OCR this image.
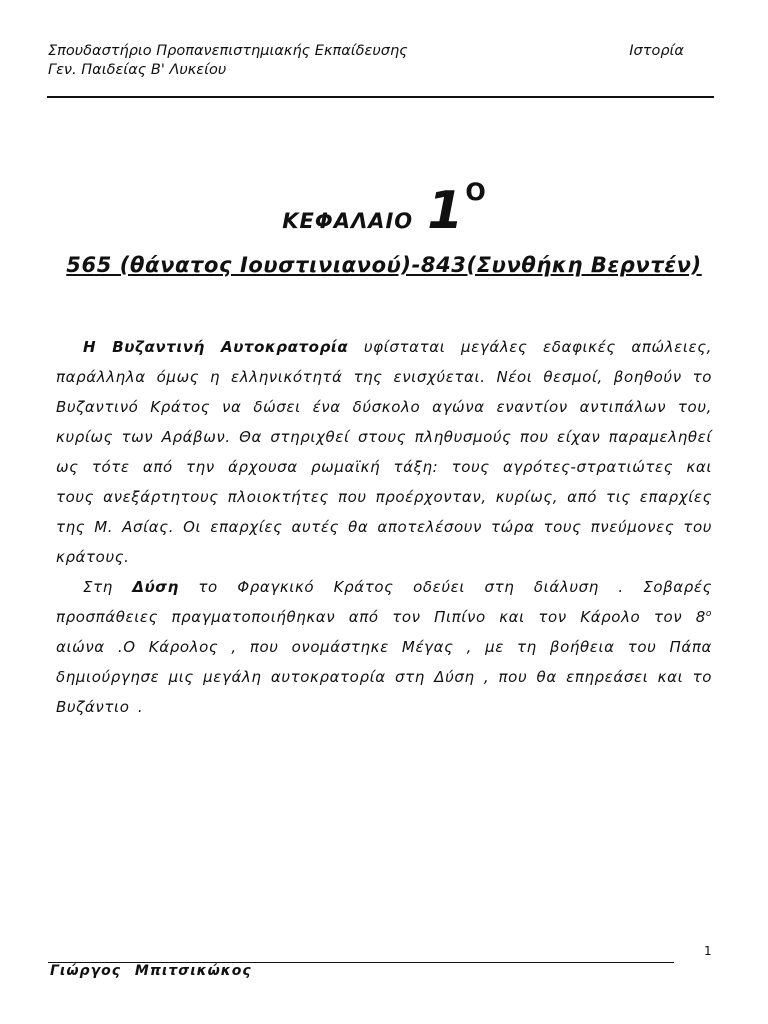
Σπουδαστήριο Προπανεπιστημιακής Εκπαίδευσης	Ιστορία
Γεν. Παιδείας Β' Λυκείου
ΚΕΦΑΛΑΙΟ 1Ο
565 (θάνατος Ιουστινιανού)-843(Συνθήκη Βερντέν)

Η Βυζαντινή Αυτοκρατορία υφίσταται μεγάλες εδαφικές απώλειες, παράλληλα όμως η ελληνικότητά της ενισχύεται. Νέοι θεσμοί, βοηθούν το Βυζαντινό Κράτος να δώσει ένα δύσκολο αγώνα εναντίον αντιπάλων του, κυρίως των Αράβων. Θα στηριχθεί στους πληθυσμούς που είχαν παραμεληθεί ως τότε από την άρχουσα ρωμαϊκή τάξη: τους αγρότες-στρατιώτες και τους ανεξάρτητους πλοιοκτήτες που προέρχονταν, κυρίως, από τις επαρχίες της Μ. Ασίας. Οι επαρχίες αυτές θα αποτελέσουν τώρα τους πνεύμονες του κράτους.

Στη Δύση το Φραγκικό Κράτος οδεύει στη διάλυση . Σοβαρές προσπάθειες πραγματοποιήθηκαν από τον Πιπίνο και τον Κάρολο τον $8^o$ αιώνα .Ο Κάρολος , που ονομάστηκε Μέγας , με τη βοήθεια του Πάπα δημιούργησε μις μεγάλη αυτοκρατορία στη Δύση , που θα επηρεάσει και το Βυζάντιο .

1
Γιώργος Μπιτσικώκος
